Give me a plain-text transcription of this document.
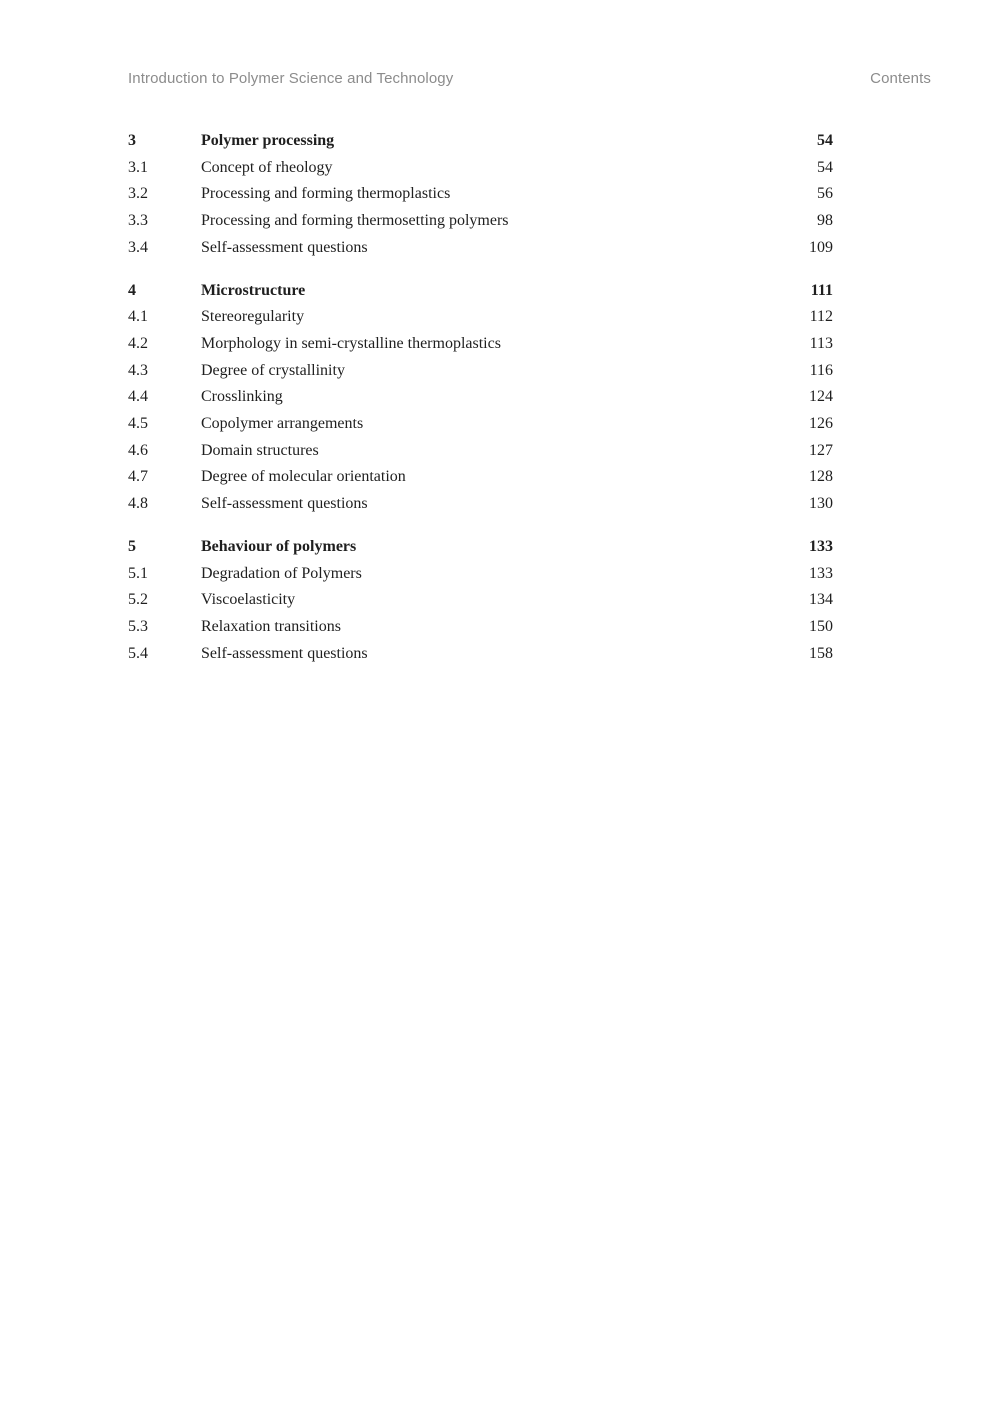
Introduction to Polymer Science and Technology	Contents
3	Polymer processing	54
3.1	Concept of rheology	54
3.2	Processing and forming thermoplastics	56
3.3	Processing and forming thermosetting polymers	98
3.4	Self-assessment questions	109
4	Microstructure	111
4.1	Stereoregularity	112
4.2	Morphology in semi-crystalline thermoplastics	113
4.3	Degree of crystallinity	116
4.4	Crosslinking	124
4.5	Copolymer arrangements	126
4.6	Domain structures	127
4.7	Degree of molecular orientation	128
4.8	Self-assessment questions	130
5	Behaviour of polymers	133
5.1	Degradation of Polymers	133
5.2	Viscoelasticity	134
5.3	Relaxation transitions	150
5.4	Self-assessment questions	158
